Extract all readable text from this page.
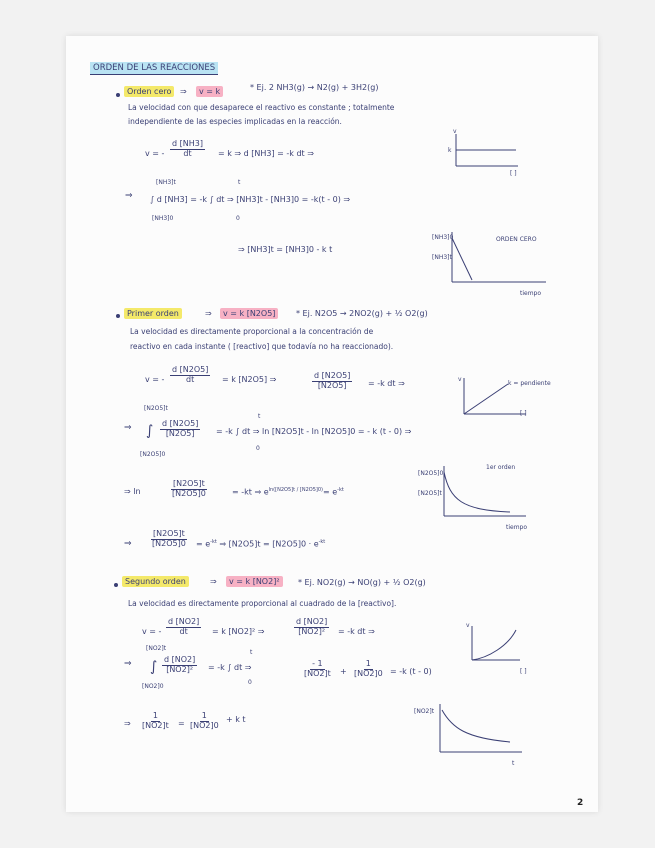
ORDEN DE LAS REACCIONES
Orden cero	⇒	v = k	* Ej. 2 NH3(g) → N2(g) + 3H2(g)
La velocidad con que desaparece el reactivo es constante ; totalmente
independiente de las especies implicadas en la reacción.
v = - $\frac{d [NH3]}{dt} = k$ ⇒ d [NH3] = -k dt ⇒
⇒
[NH3]t
[NH3]0
t
0
∫ d [NH3] = -k ∫ dt ⇒ [NH3]t - [NH3]0 = -k(t - 0) ⇒
⇒ [NH3]t = [NH3]0 - k t
v
k
[ ]
[NH3]0
[NH3]t
ORDEN CERO
tiempo
Primer orden	⇒	v = k [N2O5]	* Ej. N2O5 → 2NO2(g) + ½ O2(g)
La velocidad es directamente proporcional a la concentración de
reactivo en cada instante ( [reactivo] que todavía no ha reaccionado).
v = - $\frac{d [N2O5]}{dt} = k$ [N2O5] ⇒	$\frac{d [N2O5]}{[N2O5]} = -k$ dt ⇒
⇒
[N2O5]t
[N2O5]0
∫ $\frac{d [N2O5]}{[N2O5]} = -k$ ∫ dt ⇒ ln [N2O5]t - ln [N2O5]0 = - k (t - 0) ⇒
t
0
⇒ ln	$\frac{[N2O5]t}{[N2O5]0}$	= -kt ⇒ $e^{ln([N2O5]t / [N2O5]0)}= e^{-kt}$
⇒ $\frac{[N2O5]t}{[N2O5]0} = e^{-kt}$ ⇒ $[N2O5]t = [N2O5]0 \cdot e^{-kt}$
v
k = pendiente
[ ]
[N2O5]0
[N2O5]t
1er orden
tiempo
Segundo orden	⇒	v = k [NO2]²	* Ej. NO2(g) → NO(g) + ½ O2(g)
La velocidad es directamente proporcional al cuadrado de la [reactivo].
v = - $\frac{d [NO2]}{dt} = k$ [NO2]² ⇒	$\frac{d [NO2]}{\text{[NO2]²}} = -k$ dt ⇒
⇒
[NO2]t
[NO2]0
∫ $\frac{d [NO2]}{\text{[NO2]²}} = -k$ ∫ dt ⇒
t
0
$\frac{- 1}{[NO2]t} + \frac{1}{[NO2]0} = -k$ (t - 0)
⇒ $\frac{1}{[NO2]t} = \frac{1}{[NO2]0} + k$ t
v
[ ]
[NO2]t
t
2
